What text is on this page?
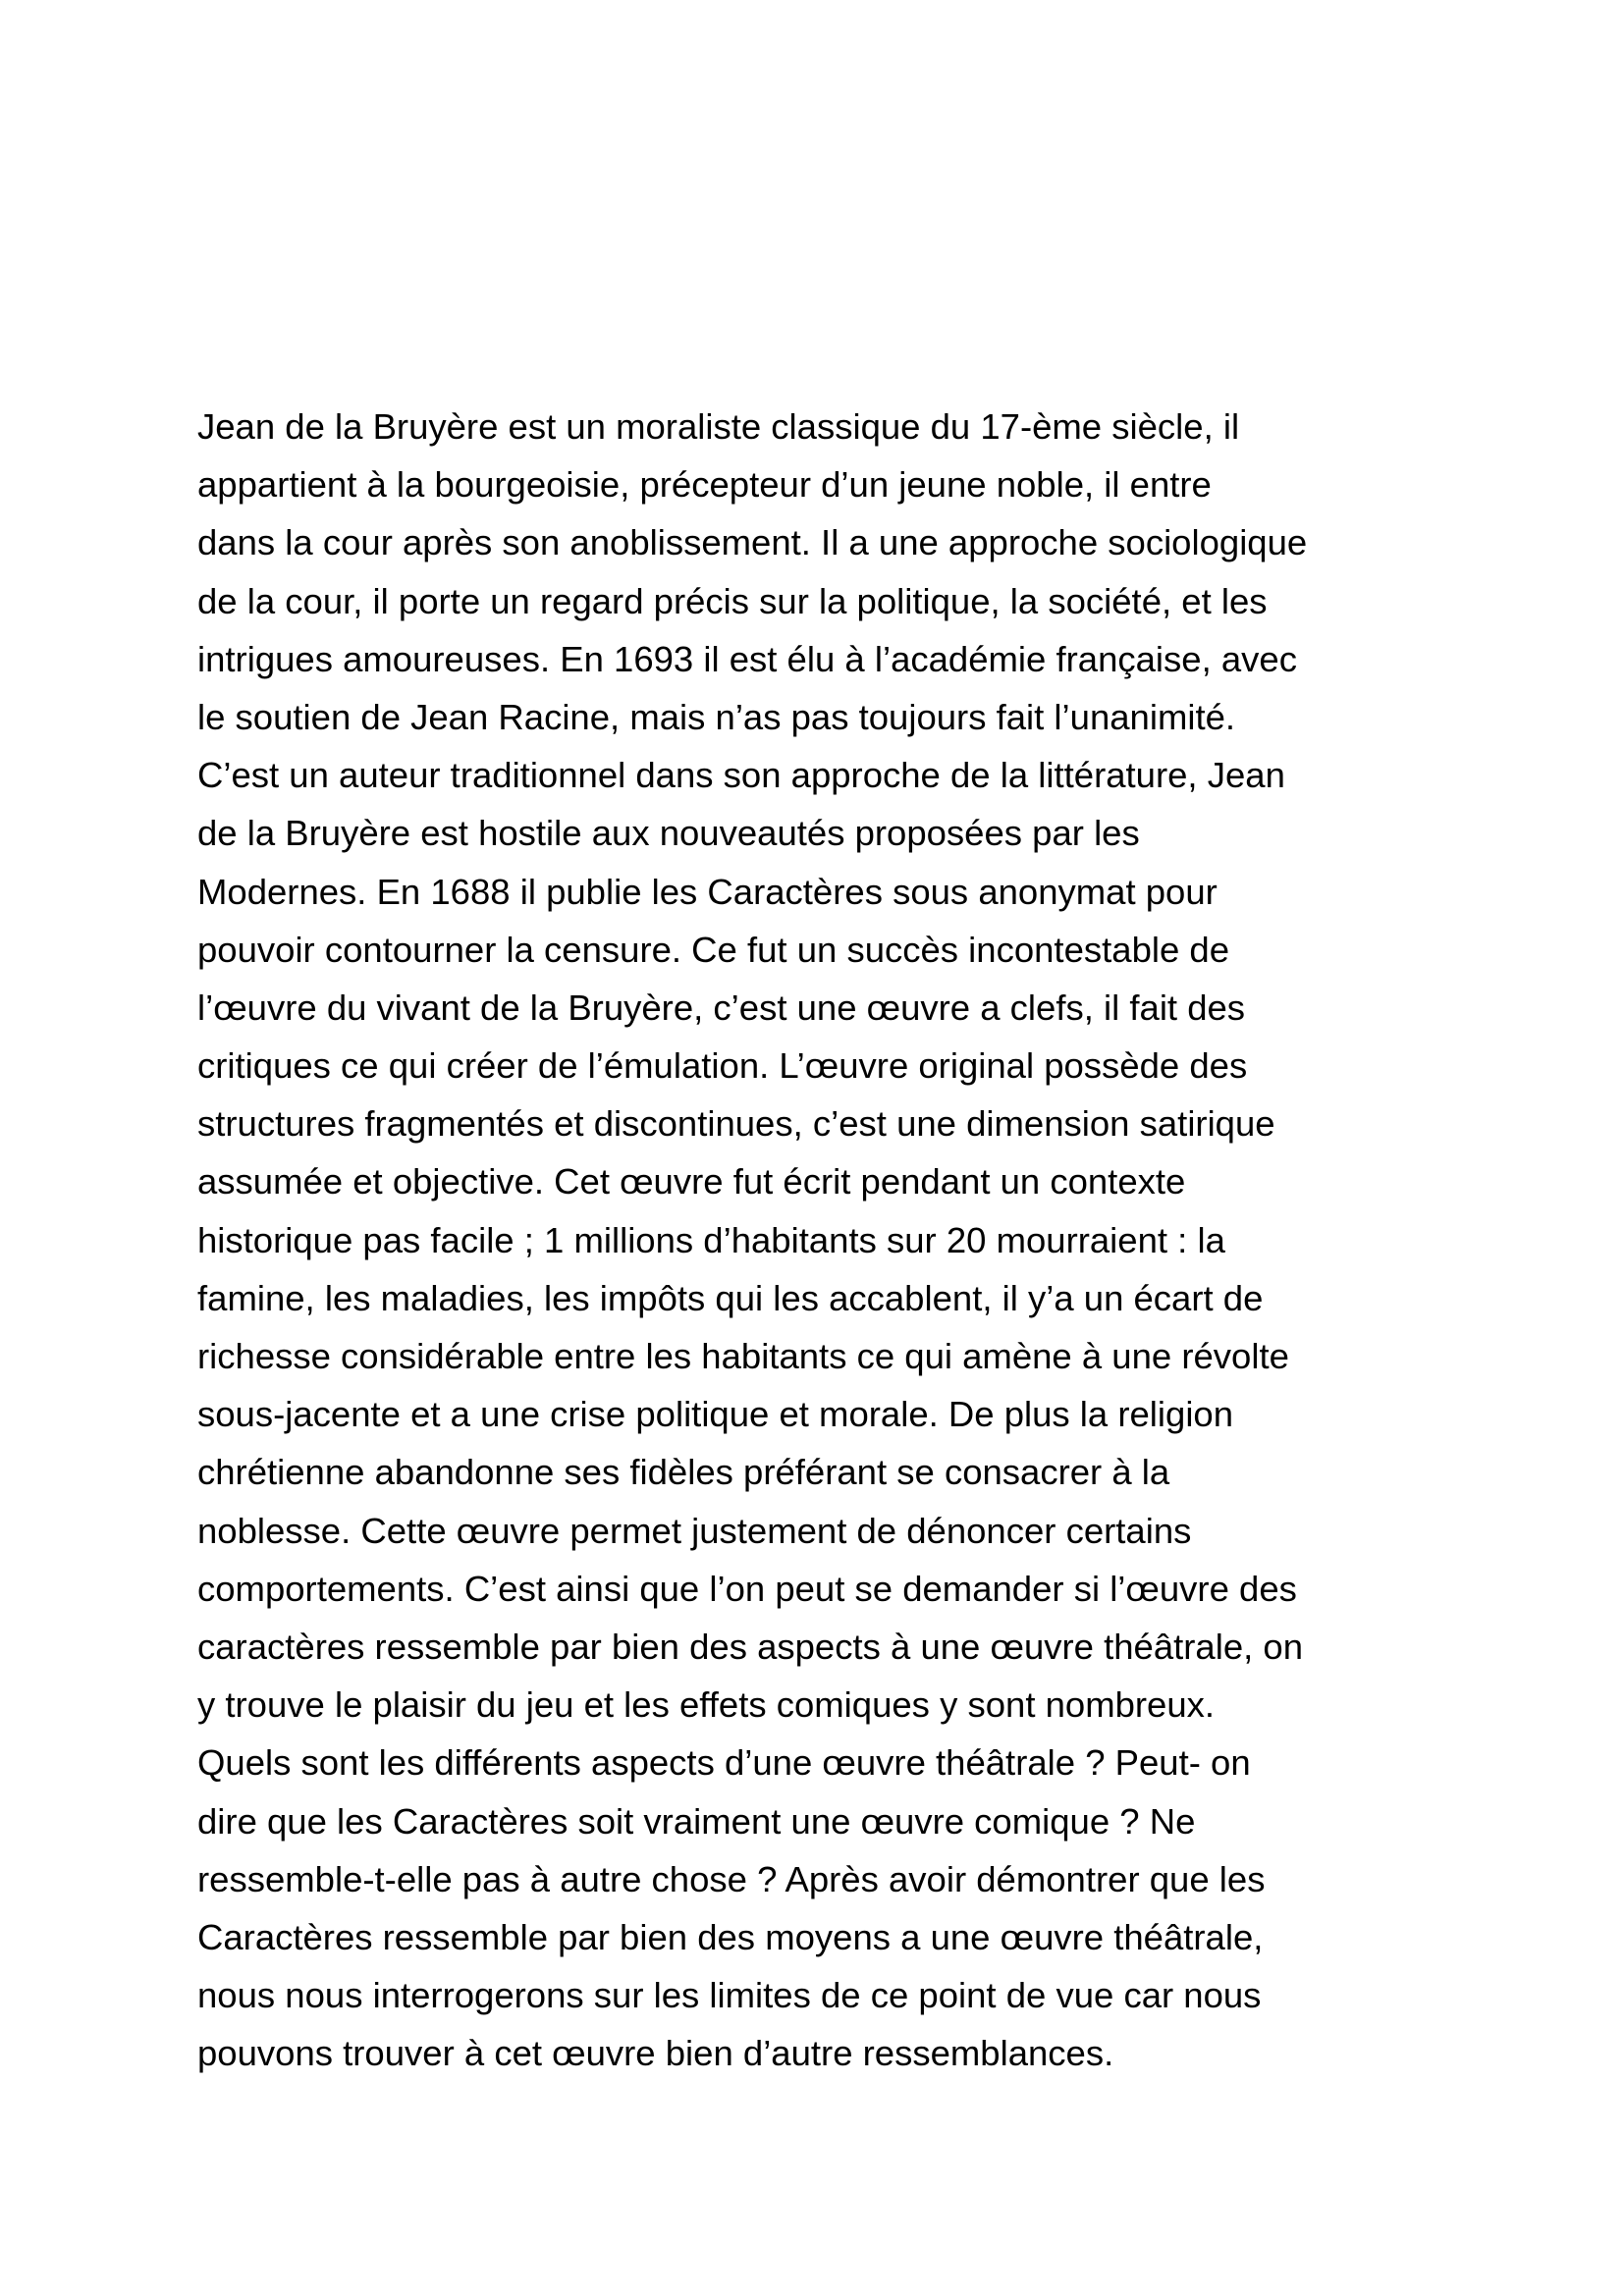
Jean de la Bruyère est un moraliste classique du 17-ème siècle, il
appartient à la bourgeoisie, précepteur d’un jeune noble, il entre
dans la cour après son anoblissement. Il a une approche sociologique
de la cour, il porte un regard précis sur la politique, la société, et les
intrigues amoureuses. En 1693 il est élu à l’académie française, avec
le soutien de Jean Racine, mais n’as pas toujours fait l’unanimité.
C’est un auteur traditionnel dans son approche de la littérature, Jean
de la Bruyère est hostile aux nouveautés proposées par les
Modernes. En 1688 il publie les Caractères sous anonymat pour
pouvoir contourner la censure. Ce fut un succès incontestable de
l’œuvre du vivant de la Bruyère, c’est une œuvre a clefs, il fait des
critiques ce qui créer de l’émulation. L’œuvre original possède des
structures fragmentés et discontinues, c’est une dimension satirique
assumée et objective. Cet œuvre fut écrit pendant un contexte
historique pas facile ; 1 millions d’habitants sur 20 mourraient : la
famine, les maladies, les impôts qui les accablent, il y’a un écart de
richesse considérable entre les habitants ce qui amène à une révolte
sous-jacente et a une crise politique et morale. De plus la religion
chrétienne abandonne ses fidèles préférant se consacrer à la
noblesse. Cette œuvre permet justement de dénoncer certains
comportements. C’est ainsi que l’on peut se demander si l’œuvre des
caractères ressemble par bien des aspects à une œuvre théâtrale, on
y trouve le plaisir du jeu et les effets comiques y sont nombreux.
Quels sont les différents aspects d’une œuvre théâtrale ? Peut- on
dire que les Caractères soit vraiment une œuvre comique ? Ne
ressemble-t-elle pas à autre chose ? Après avoir démontrer que les
Caractères ressemble par bien des moyens a une œuvre théâtrale,
nous nous interrogerons sur les limites de ce point de vue car nous
pouvons trouver à cet œuvre bien d’autre ressemblances.
